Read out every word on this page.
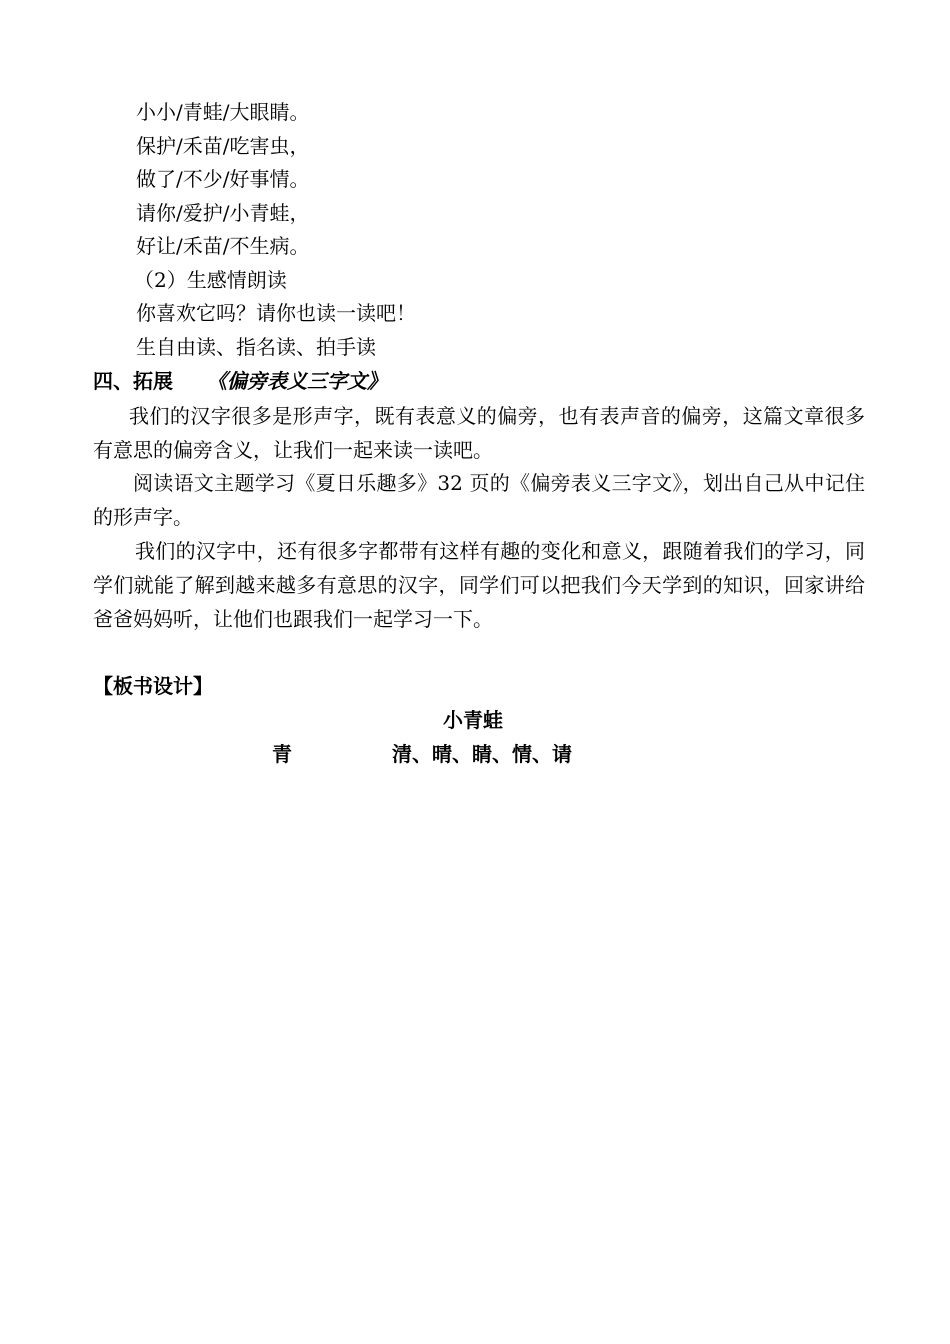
小小/青蛙/大眼睛。
保护/禾苗/吃害虫，
做了/不少/好事情。
请你/爱护/小青蛙，
好让/禾苗/不生病。
（2）生感情朗读
你喜欢它吗？请你也读一读吧！
生自由读、指名读、拍手读
四、拓展 《偏旁表义三字文》
我们的汉字很多是形声字，既有表意义的偏旁，也有表声音的偏旁，这篇文章很多有意思的偏旁含义，让我们一起来读一读吧。
阅读语文主题学习《夏日乐趣多》32 页的《偏旁表义三字文》，划出自己从中记住的形声字。
我们的汉字中，还有很多字都带有这样有趣的变化和意义，跟随着我们的学习，同学们就能了解到越来越多有意思的汉字，同学们可以把我们今天学到的知识，回家讲给爸爸妈妈听，让他们也跟我们一起学习一下。
【板书设计】
小青蛙
青	清、晴、睛、情、请
